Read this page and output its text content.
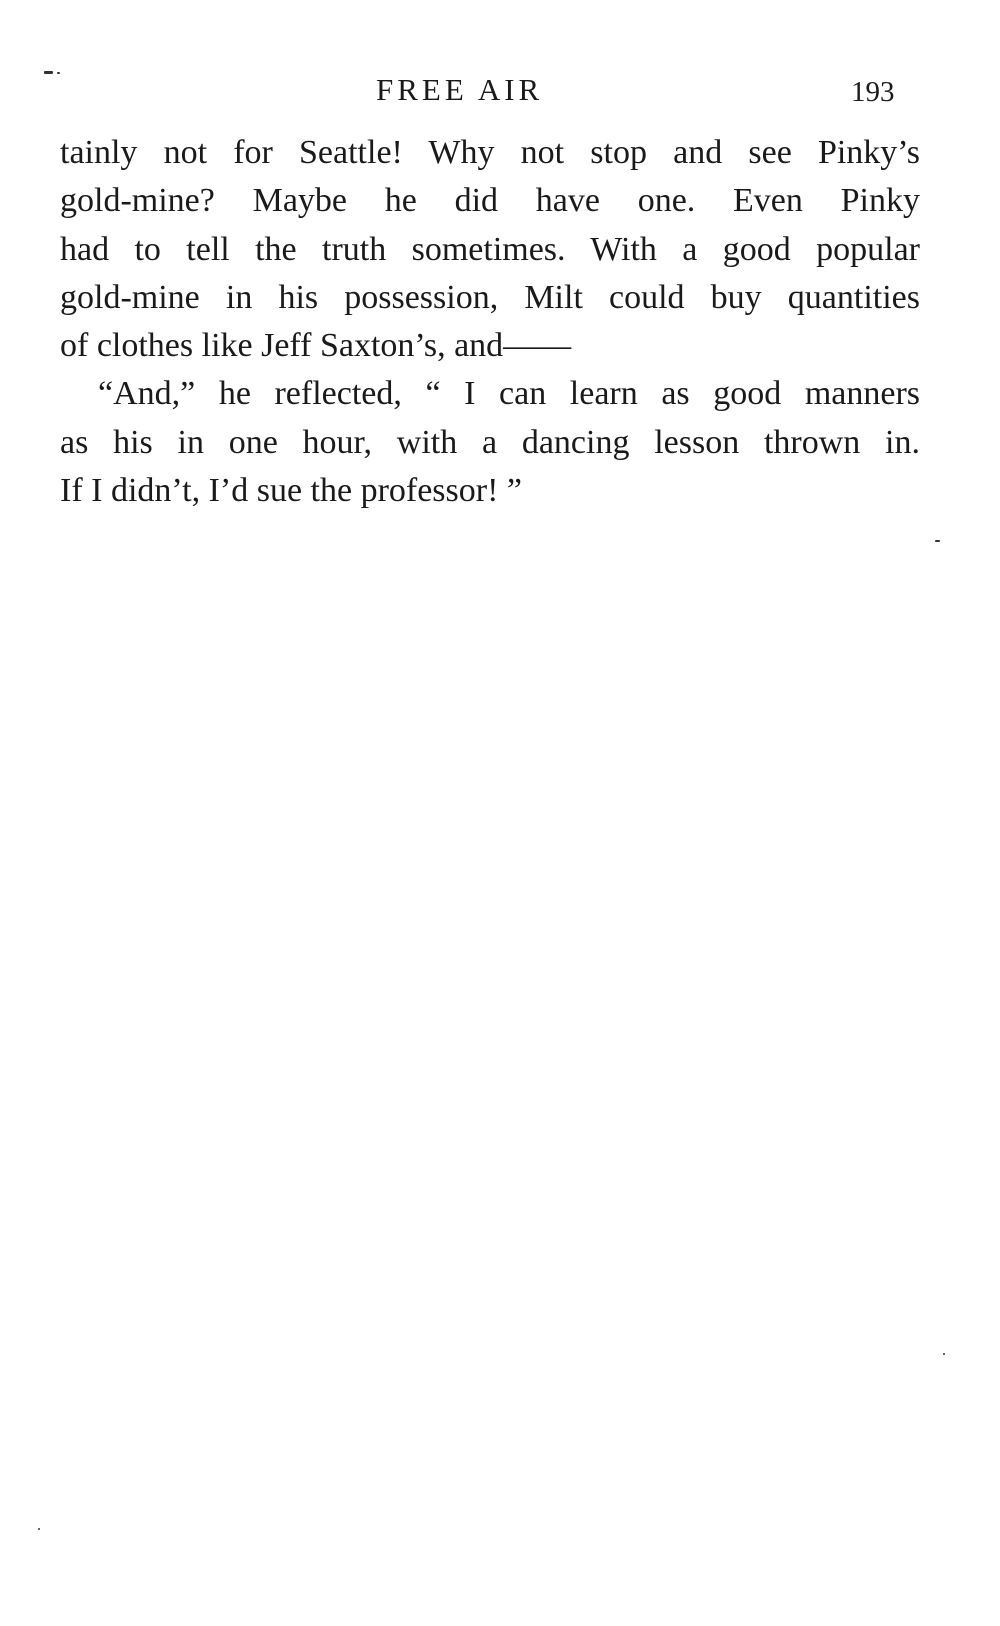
FREE AIR	193
tainly not for Seattle! Why not stop and see Pinky’s
gold-mine? Maybe he did have one. Even Pinky
had to tell the truth sometimes. With a good popular
gold-mine in his possession, Milt could buy quantities
of clothes like Jeff Saxton’s, and——
“And,” he reflected, “ I can learn as good manners
as his in one hour, with a dancing lesson thrown in.
If I didn’t, I’d sue the professor! ”
